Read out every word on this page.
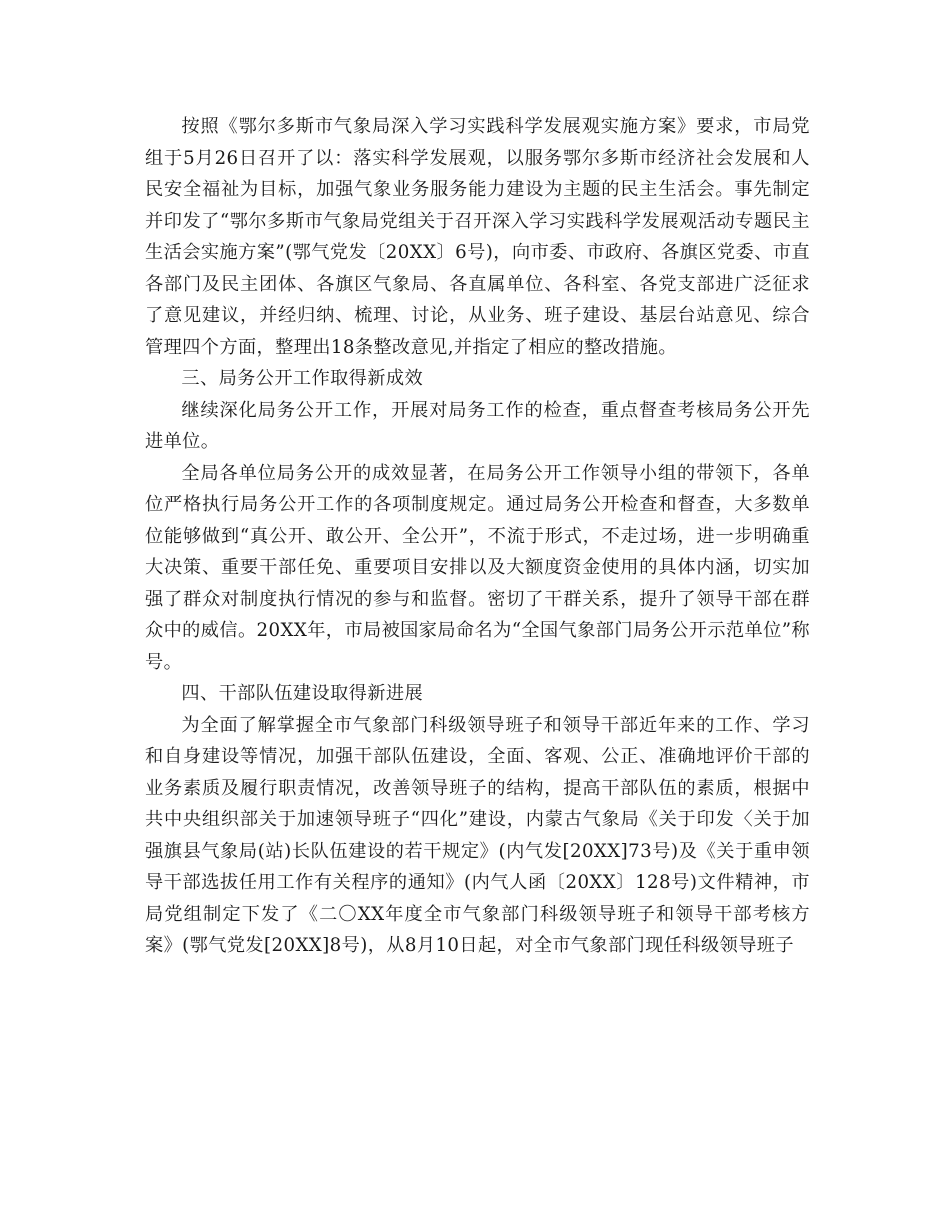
按照《鄂尔多斯市气象局深入学习实践科学发展观实施方案》要求，市局党组于5月26日召开了以：落实科学发展观，以服务鄂尔多斯市经济社会发展和人民安全福祉为目标，加强气象业务服务能力建设为主题的民主生活会。事先制定并印发了“鄂尔多斯市气象局党组关于召开深入学习实践科学发展观活动专题民主生活会实施方案”(鄂气党发〔20XX〕6号)，向市委、市政府、各旗区党委、市直各部门及民主团体、各旗区气象局、各直属单位、各科室、各党支部进广泛征求了意见建议，并经归纳、梳理、讨论，从业务、班子建设、基层台站意见、综合管理四个方面，整理出18条整改意见,并指定了相应的整改措施。

三、局务公开工作取得新成效

继续深化局务公开工作，开展对局务工作的检查，重点督查考核局务公开先进单位。

全局各单位局务公开的成效显著，在局务公开工作领导小组的带领下，各单位严格执行局务公开工作的各项制度规定。通过局务公开检查和督查，大多数单位能够做到“真公开、敢公开、全公开”，不流于形式，不走过场，进一步明确重大决策、重要干部任免、重要项目安排以及大额度资金使用的具体内涵，切实加强了群众对制度执行情况的参与和监督。密切了干群关系，提升了领导干部在群众中的威信。20XX年，市局被国家局命名为“全国气象部门局务公开示范单位”称号。

四、干部队伍建设取得新进展

为全面了解掌握全市气象部门科级领导班子和领导干部近年来的工作、学习和自身建设等情况，加强干部队伍建设，全面、客观、公正、准确地评价干部的业务素质及履行职责情况，改善领导班子的结构，提高干部队伍的素质，根据中共中央组织部关于加速领导班子“四化”建设，内蒙古气象局《关于印发〈关于加强旗县气象局(站)长队伍建设的若干规定》(内气发[20XX]73号)及《关于重申领导干部选拔任用工作有关程序的通知》(内气人函〔20XX〕128号)文件精神，市局党组制定下发了《二〇XX年度全市气象部门科级领导班子和领导干部考核方案》(鄂气党发[20XX]8号)，从8月10日起，对全市气象部门现任科级领导班子
